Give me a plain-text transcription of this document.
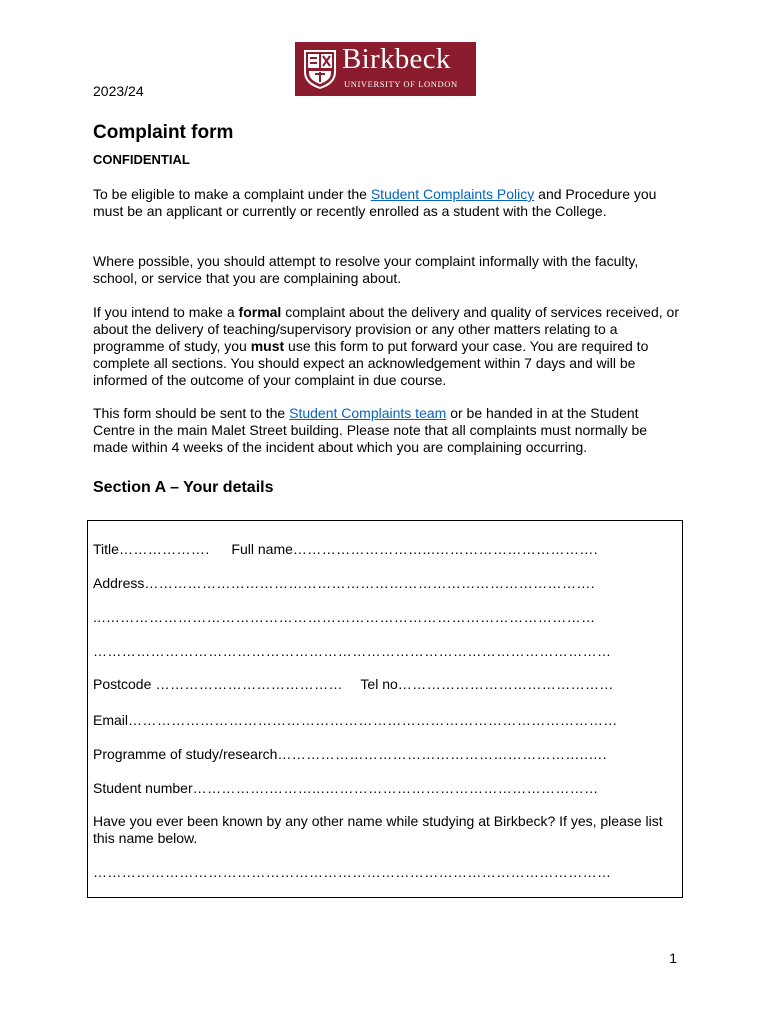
2023/24
Birkbeck
UNIVERSITY OF LONDON
Complaint form
CONFIDENTIAL
To be eligible to make a complaint under the Student Complaints Policy and Procedure you must be an applicant or currently or recently enrolled as a student with the College.
Where possible, you should attempt to resolve your complaint informally with the faculty, school, or service that you are complaining about.
If you intend to make a formal complaint about the delivery and quality of services received, or about the delivery of teaching/supervisory provision or any other matters relating to a programme of study, you must use this form to put forward your case. You are required to complete all sections. You should expect an acknowledgement within 7 days and will be informed of the outcome of your complaint in due course.
This form should be sent to the Student Complaints team or be handed in at the Student Centre in the main Malet Street building. Please note that all complaints must normally be made within 4 weeks of the incident about which you are complaining occurring.
Section A – Your details
Title………………. Full name………………………...…………………………….
Address………………………………………………………………………………….
...…………………………………………………………………………………………
………………………………………………………………………………………………
Postcode ………………………………… Tel no………………………………………
Email…………………………………………………………………………………………
Programme of study/research………………………………………………………..….
Student number…………….………...…………………………………………………
Have you ever been known by any other name while studying at Birkbeck? If yes, please list this name below.
………………………………………………………………………………………………
1
